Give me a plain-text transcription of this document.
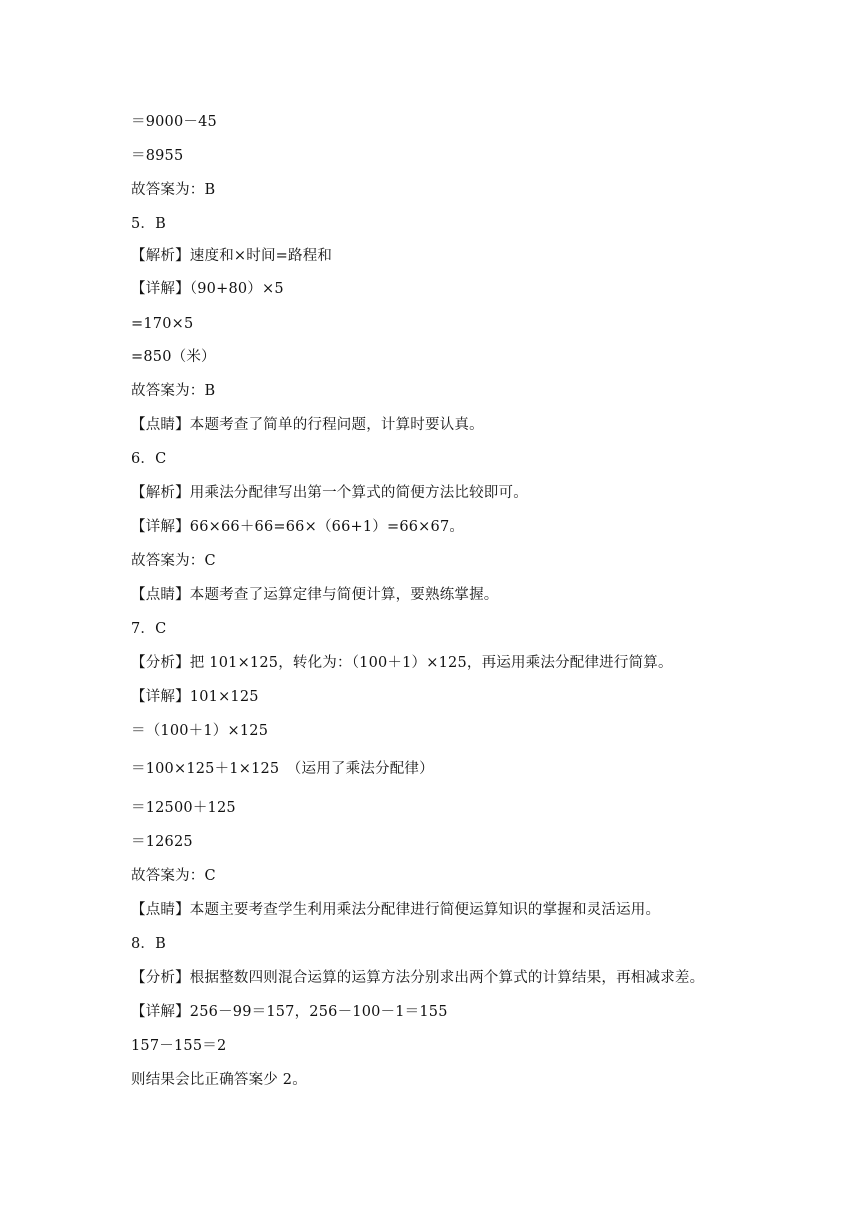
＝9000－45
＝8955
故答案为：B
5．B
【解析】速度和×时间=路程和
【详解】（90+80）×5
=170×5
=850（米）
故答案为：B
【点睛】本题考查了简单的行程问题，计算时要认真。
6．C
【解析】用乘法分配律写出第一个算式的简便方法比较即可。
【详解】66×66＋66=66×（66+1）=66×67。
故答案为：C
【点睛】本题考查了运算定律与简便计算，要熟练掌握。
7．C
【分析】把 101×125，转化为：（100＋1）×125，再运用乘法分配律进行简算。
【详解】101×125
＝（100＋1）×125
＝100×125＋1×125　（运用了乘法分配律）
＝12500＋125
＝12625
故答案为：C
【点睛】本题主要考查学生利用乘法分配律进行简便运算知识的掌握和灵活运用。
8．B
【分析】根据整数四则混合运算的运算方法分别求出两个算式的计算结果，再相减求差。
【详解】256－99＝157，256－100－1＝155
157－155＝2
则结果会比正确答案少 2。
